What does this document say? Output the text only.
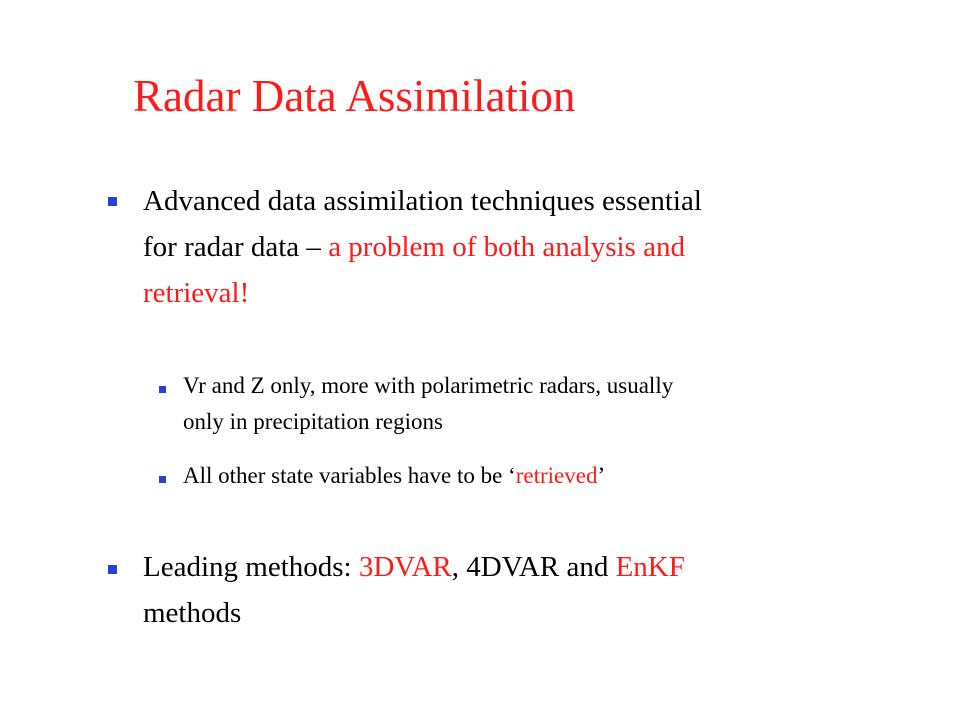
Radar Data Assimilation
Advanced data assimilation techniques essential
for radar data – a problem of both analysis and
retrieval!
Vr and Z only, more with polarimetric radars, usually
only in precipitation regions
All other state variables have to be ‘retrieved’
Leading methods: 3DVAR, 4DVAR and EnKF
methods
